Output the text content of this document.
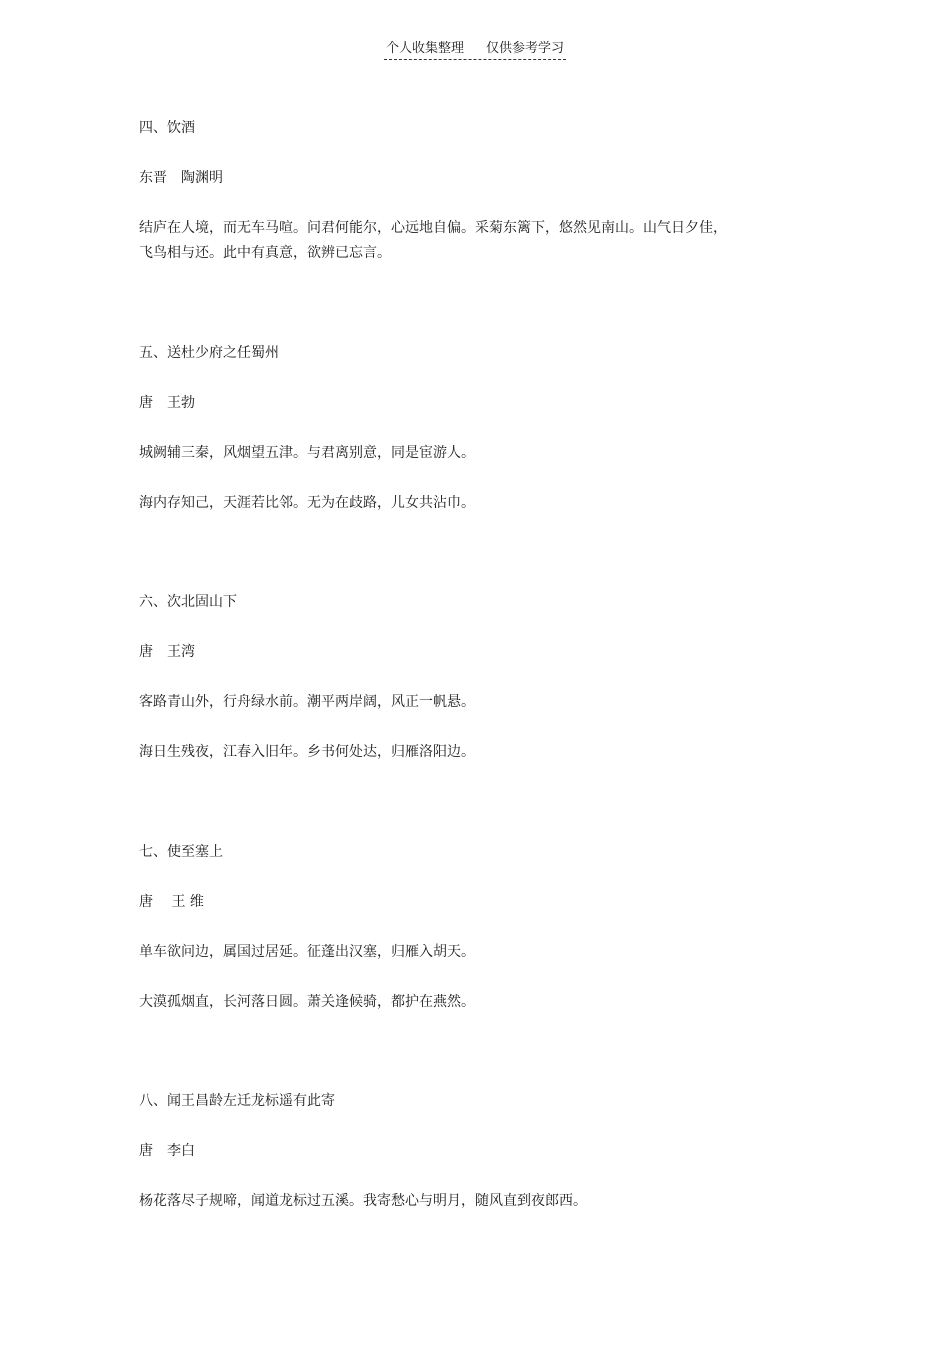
个人收集整理 仅供参考学习
四、饮酒
东晋　陶渊明
结庐在人境，而无车马喧。问君何能尔，心远地自偏。采菊东篱下，悠然见南山。山气日夕佳，飞鸟相与还。此中有真意，欲辨已忘言。
五、送杜少府之任蜀州
唐　王勃
城阙辅三秦，风烟望五津。与君离别意，同是宦游人。
海内存知己，天涯若比邻。无为在歧路，儿女共沾巾。
六、次北固山下
唐　王湾
客路青山外，行舟绿水前。潮平两岸阔，风正一帆悬。
海日生残夜，江春入旧年。乡书何处达，归雁洛阳边。
七、使至塞上
唐　 王 维
单车欲问边，属国过居延。征蓬出汉塞，归雁入胡天。
大漠孤烟直，长河落日圆。萧关逢候骑，都护在燕然。
八、闻王昌龄左迁龙标遥有此寄
唐　李白
杨花落尽子规啼，闻道龙标过五溪。我寄愁心与明月，随风直到夜郎西。
